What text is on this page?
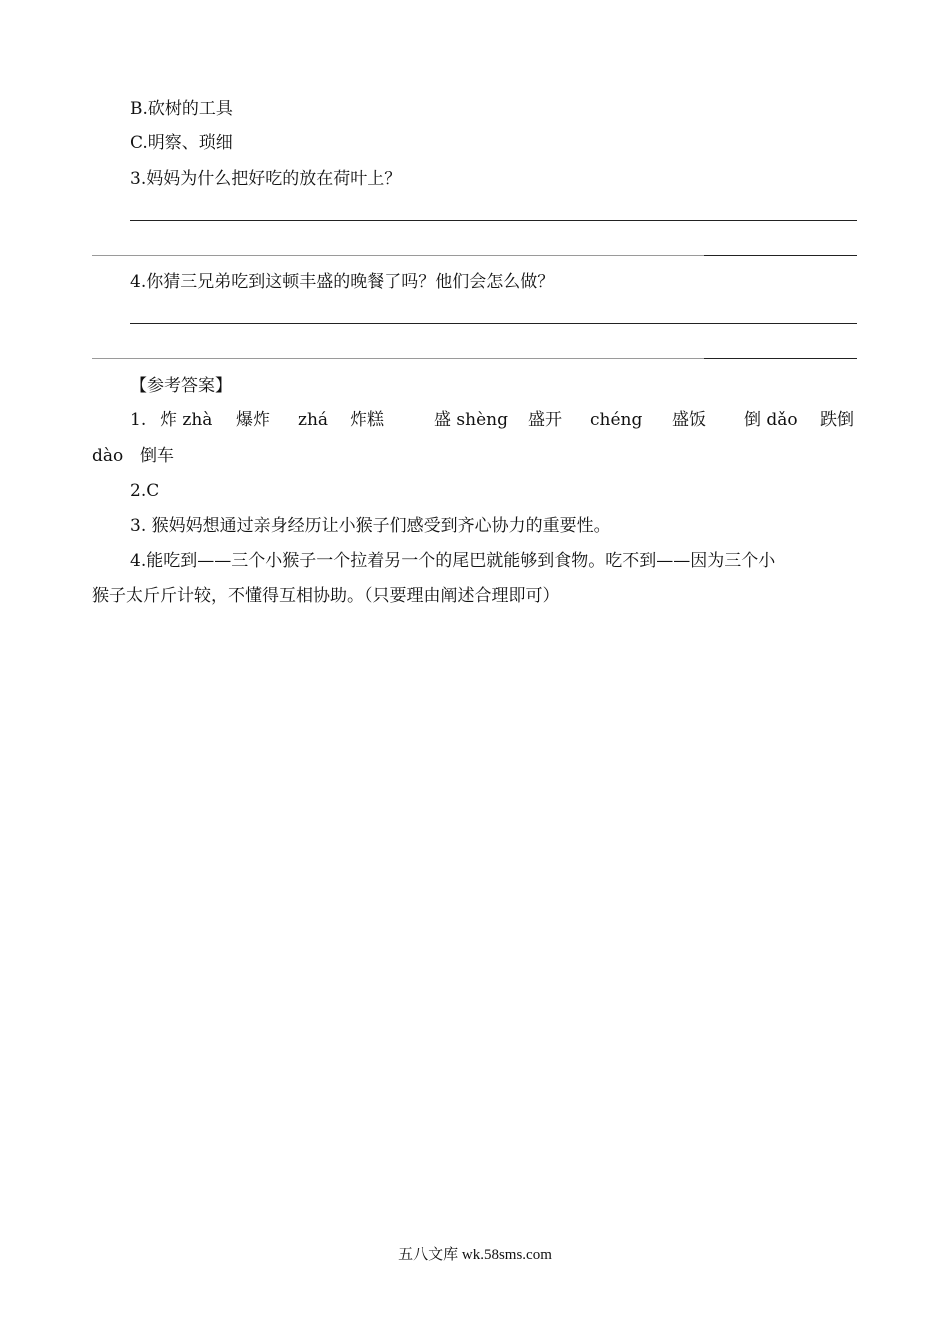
B.砍树的工具
C.明察、琐细
3.妈妈为什么把好吃的放在荷叶上？
4.你猜三兄弟吃到这顿丰盛的晚餐了吗？他们会怎么做？
【参考答案】
1. 炸 zhà 爆炸 zhá 炸糕	盛 shèng 盛开 chéng 盛饭 倒 dǎo 跌倒
dào 倒车
2.C
3. 猴妈妈想通过亲身经历让小猴子们感受到齐心协力的重要性。
4.能吃到——三个小猴子一个拉着另一个的尾巴就能够到食物。吃不到——因为三个小
猴子太斤斤计较，不懂得互相协助。（只要理由阐述合理即可）
五八文库 wk.58sms.com
